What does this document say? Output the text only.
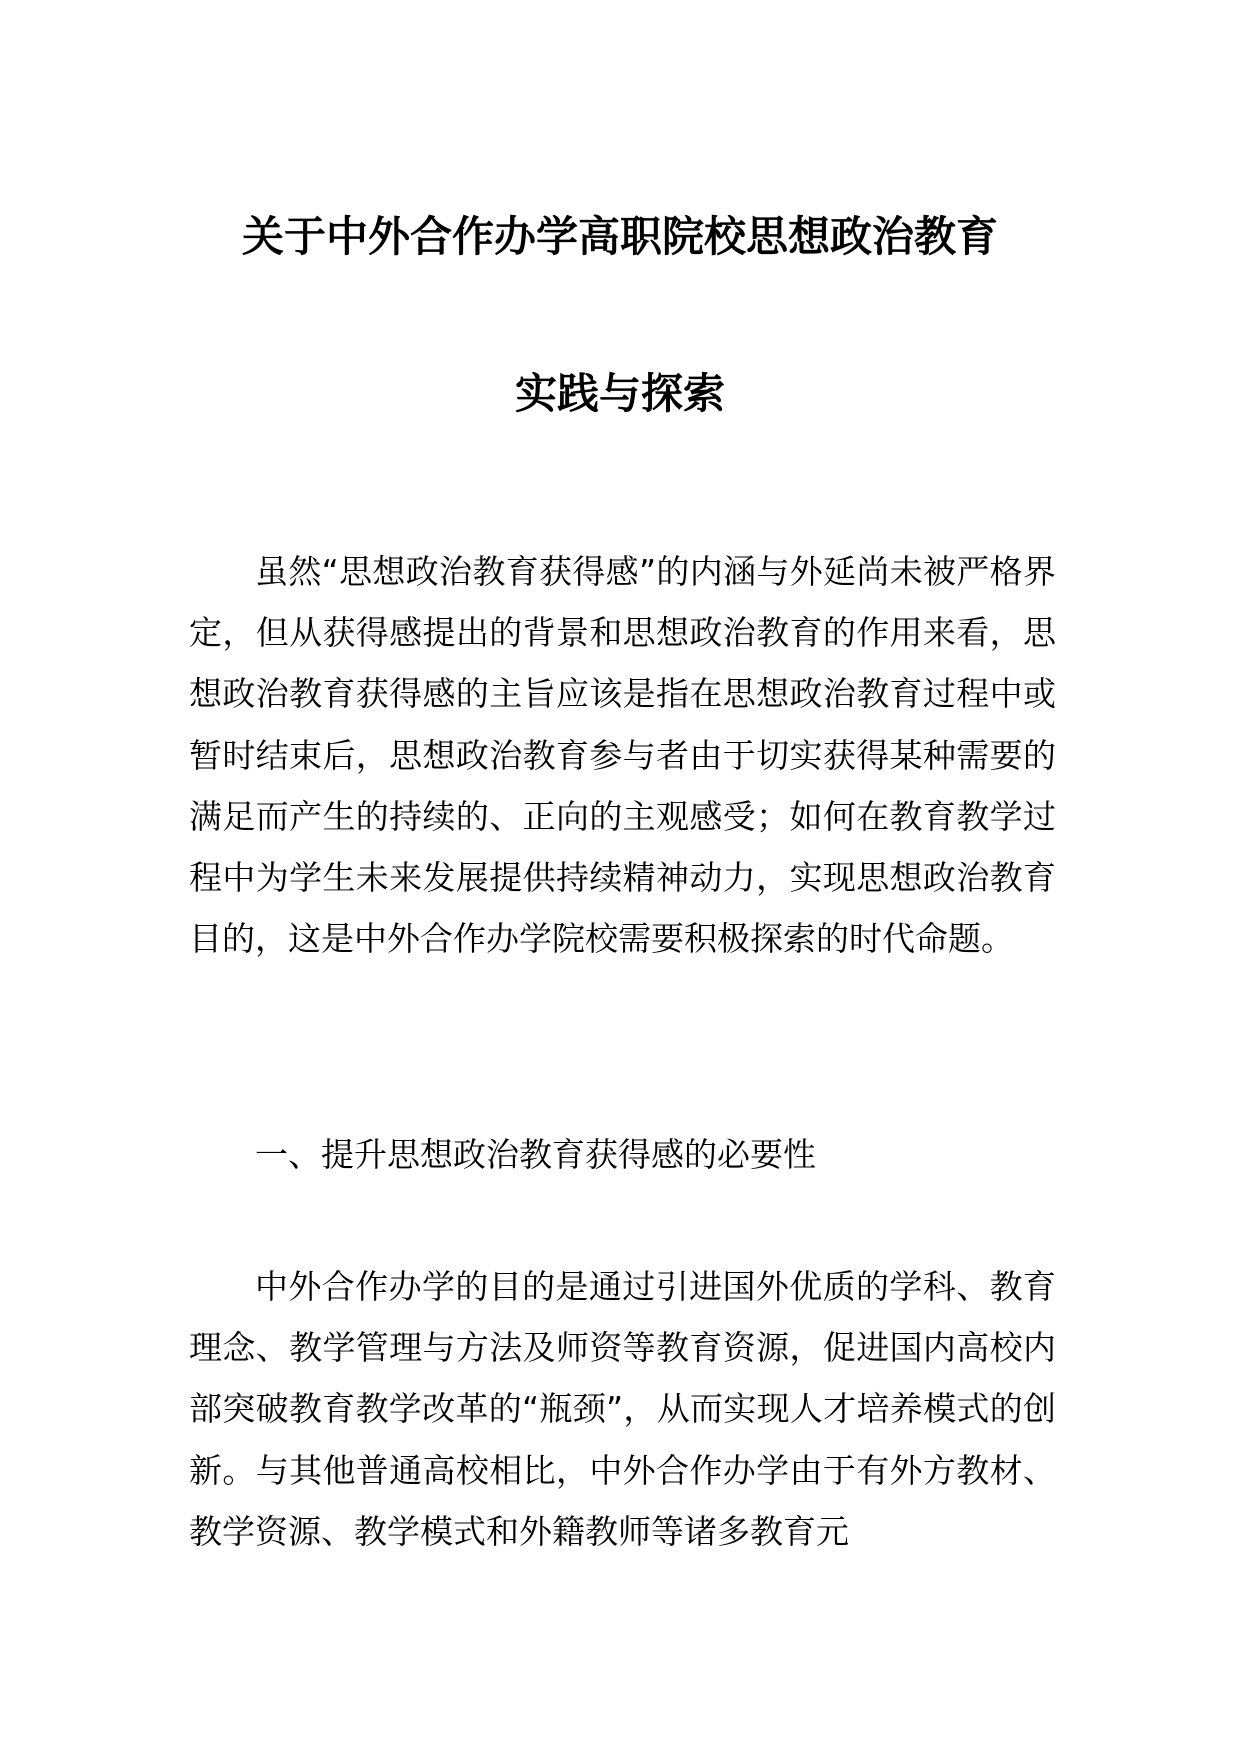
关于中外合作办学高职院校思想政治教育
实践与探索

虽然“思想政治教育获得感”的内涵与外延尚未被严格界定，但从获得感提出的背景和思想政治教育的作用来看，思想政治教育获得感的主旨应该是指在思想政治教育过程中或暂时结束后，思想政治教育参与者由于切实获得某种需要的满足而产生的持续的、正向的主观感受；如何在教育教学过程中为学生未来发展提供持续精神动力，实现思想政治教育目的，这是中外合作办学院校需要积极探索的时代命题。

一、提升思想政治教育获得感的必要性

中外合作办学的目的是通过引进国外优质的学科、教育理念、教学管理与方法及师资等教育资源，促进国内高校内部突破教育教学改革的“瓶颈”，从而实现人才培养模式的创新。与其他普通高校相比，中外合作办学由于有外方教材、教学资源、教学模式和外籍教师等诸多教育元
